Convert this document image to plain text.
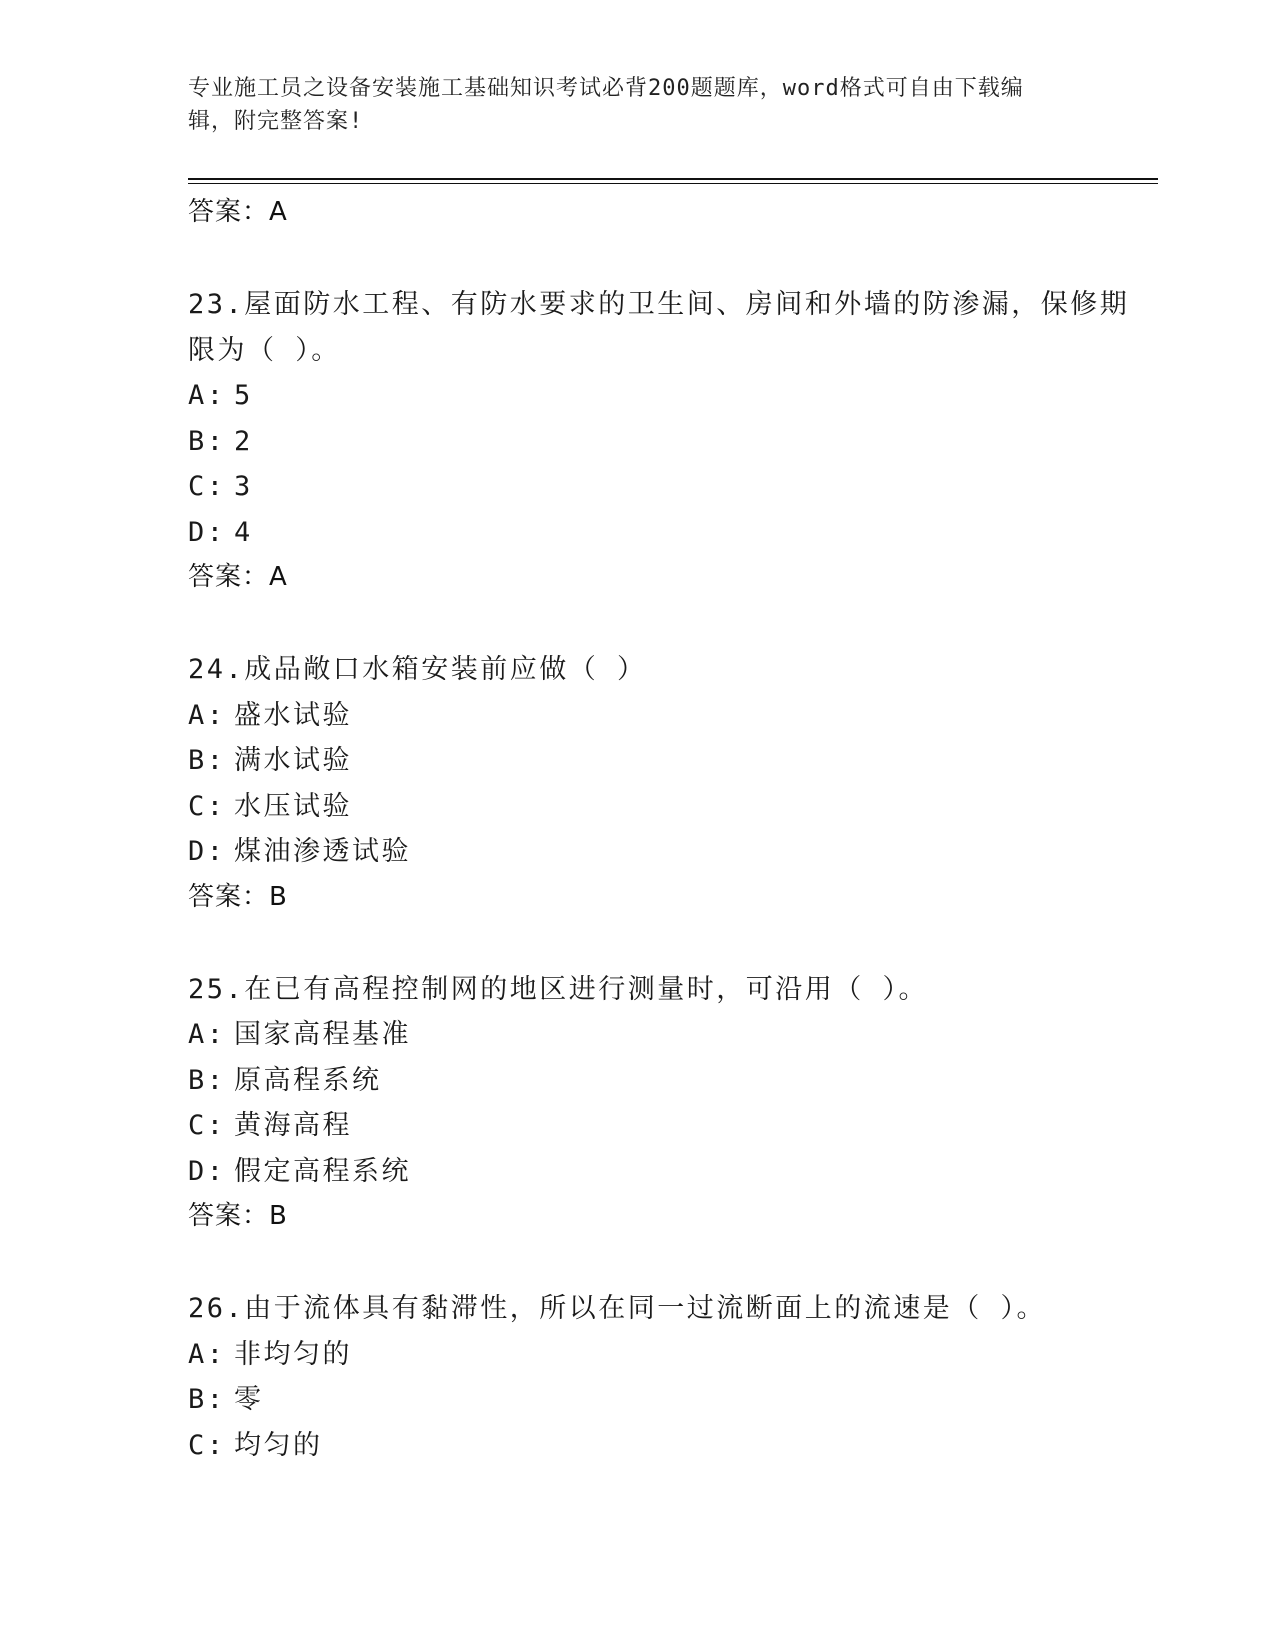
专业施工员之设备安装施工基础知识考试必背200题题库，word格式可自由下载编辑，附完整答案!
答案：A
23.屋面防水工程、有防水要求的卫生间、房间和外墙的防渗漏，保修期限为（ ）。
A: 5
B: 2
C: 3
D: 4
答案：A
24.成品敞口水箱安装前应做（ ）
A: 盛水试验
B: 满水试验
C: 水压试验
D: 煤油渗透试验
答案：B
25.在已有高程控制网的地区进行测量时，可沿用（ ）。
A: 国家高程基准
B: 原高程系统
C: 黄海高程
D: 假定高程系统
答案：B
26.由于流体具有黏滞性，所以在同一过流断面上的流速是（ ）。
A: 非均匀的
B: 零
C: 均匀的
